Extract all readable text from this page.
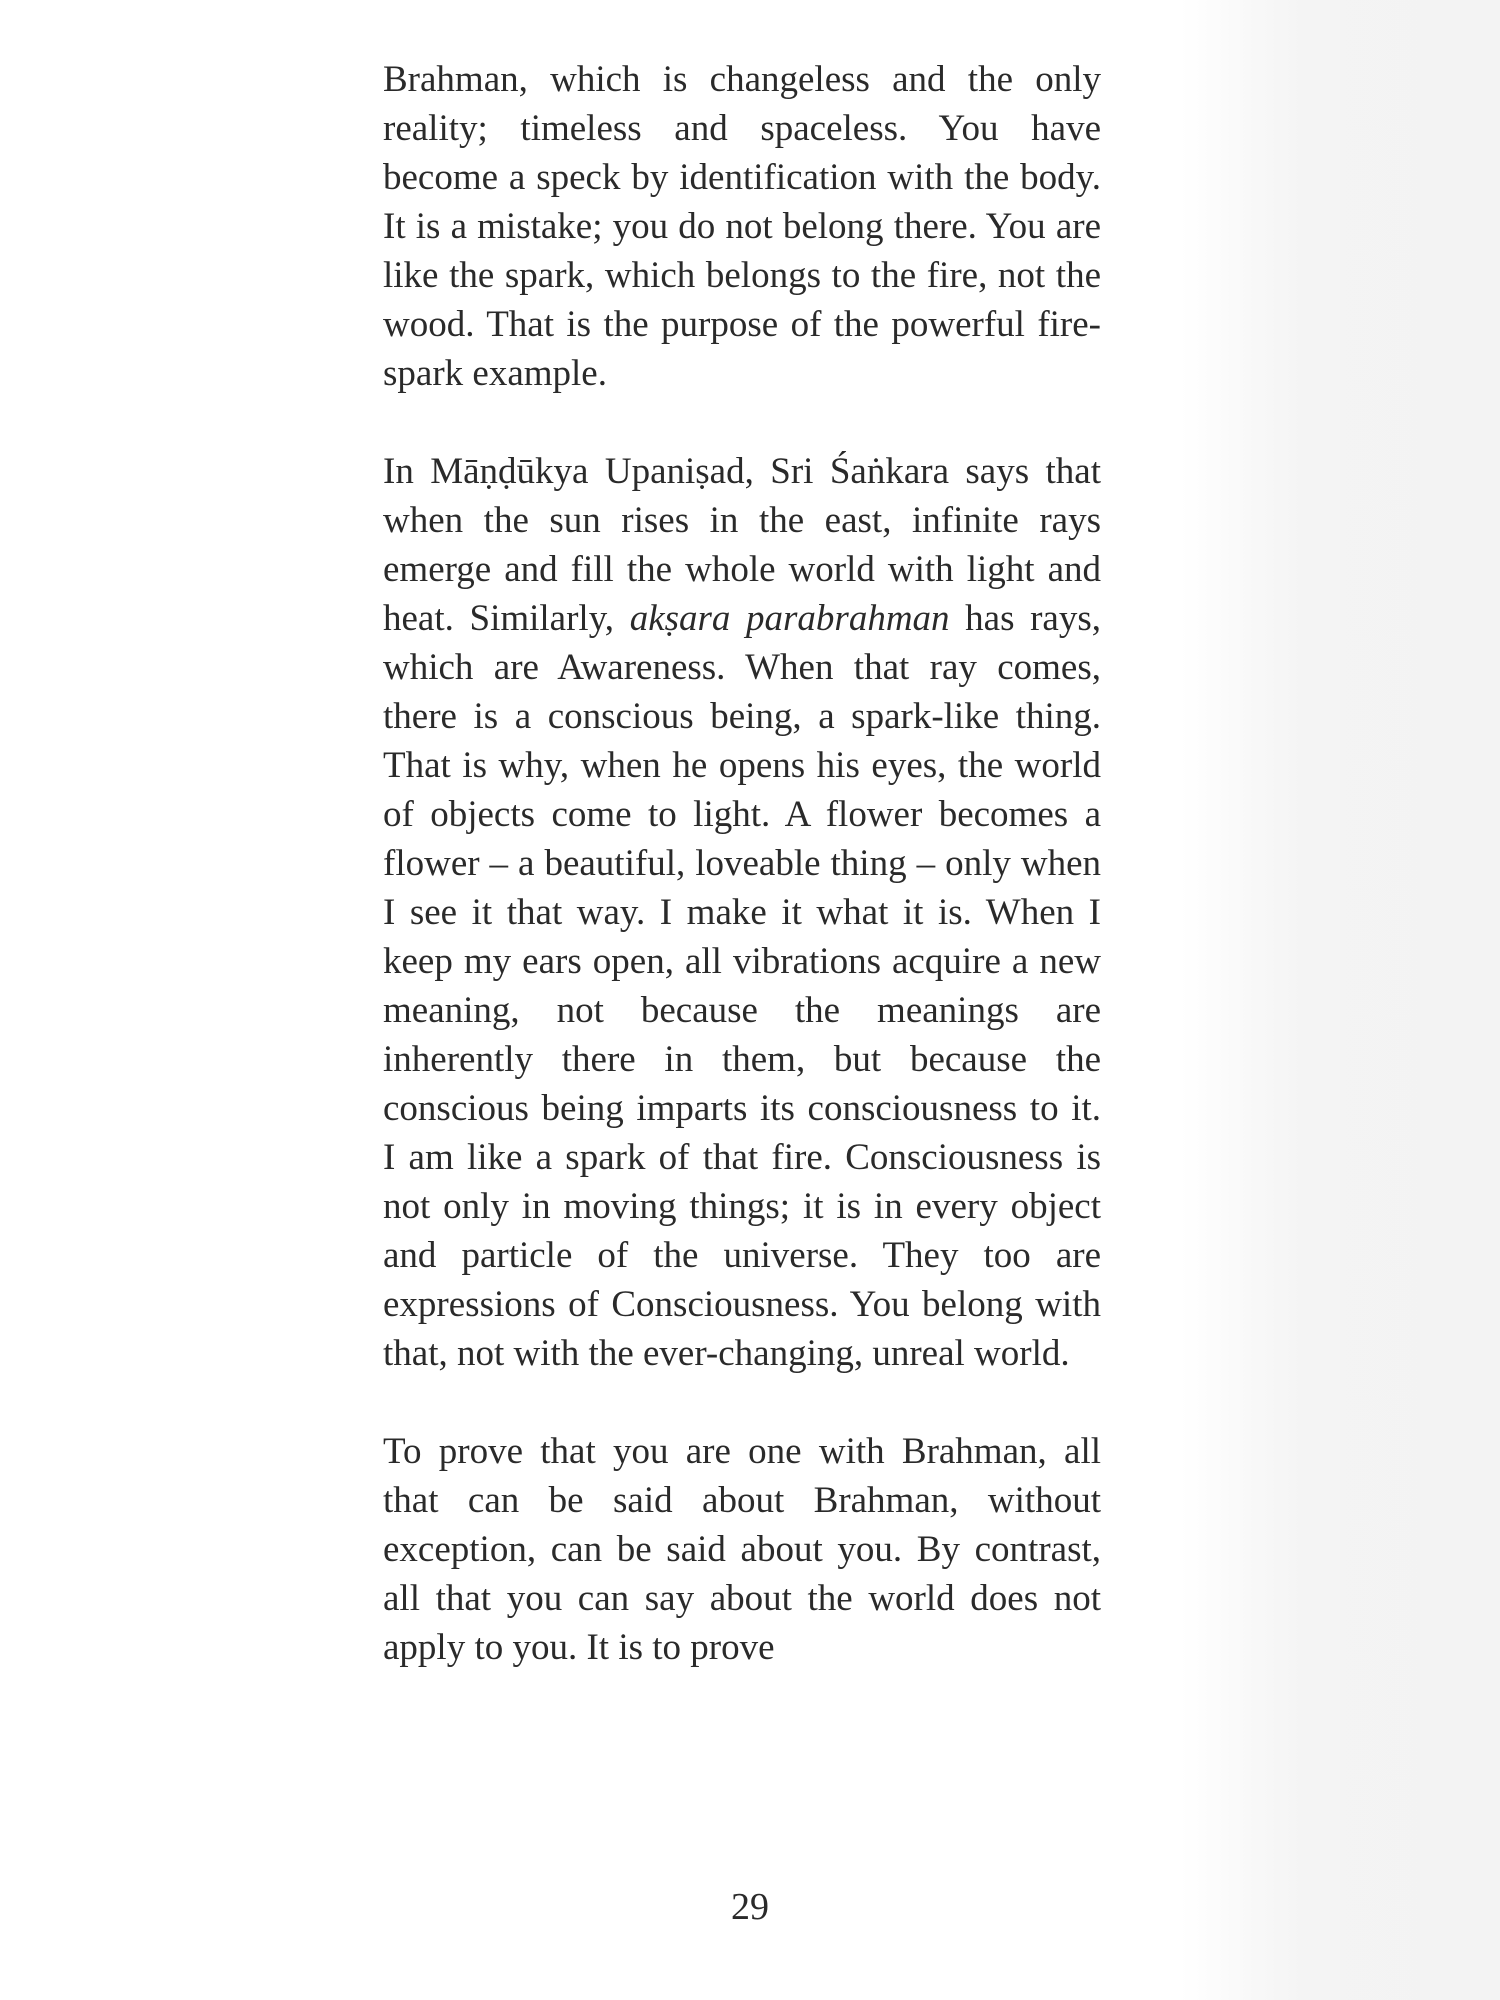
Brahman, which is changeless and the only reality; timeless and spaceless. You have become a speck by identification with the body. It is a mistake; you do not belong there. You are like the spark, which belongs to the fire, not the wood. That is the purpose of the powerful fire-spark example.

In Māṇḍūkya Upaniṣad, Sri Śaṅkara says that when the sun rises in the east, infinite rays emerge and fill the whole world with light and heat. Similarly, akṣara parabrahman has rays, which are Awareness. When that ray comes, there is a conscious being, a spark-like thing. That is why, when he opens his eyes, the world of objects come to light. A flower becomes a flower – a beautiful, loveable thing – only when I see it that way. I make it what it is. When I keep my ears open, all vibrations acquire a new meaning, not because the meanings are inherently there in them, but because the conscious being imparts its consciousness to it. I am like a spark of that fire. Consciousness is not only in moving things; it is in every object and particle of the universe. They too are expressions of Consciousness. You belong with that, not with the ever-changing, unreal world.

To prove that you are one with Brahman, all that can be said about Brahman, without exception, can be said about you. By contrast, all that you can say about the world does not apply to you. It is to prove

29
